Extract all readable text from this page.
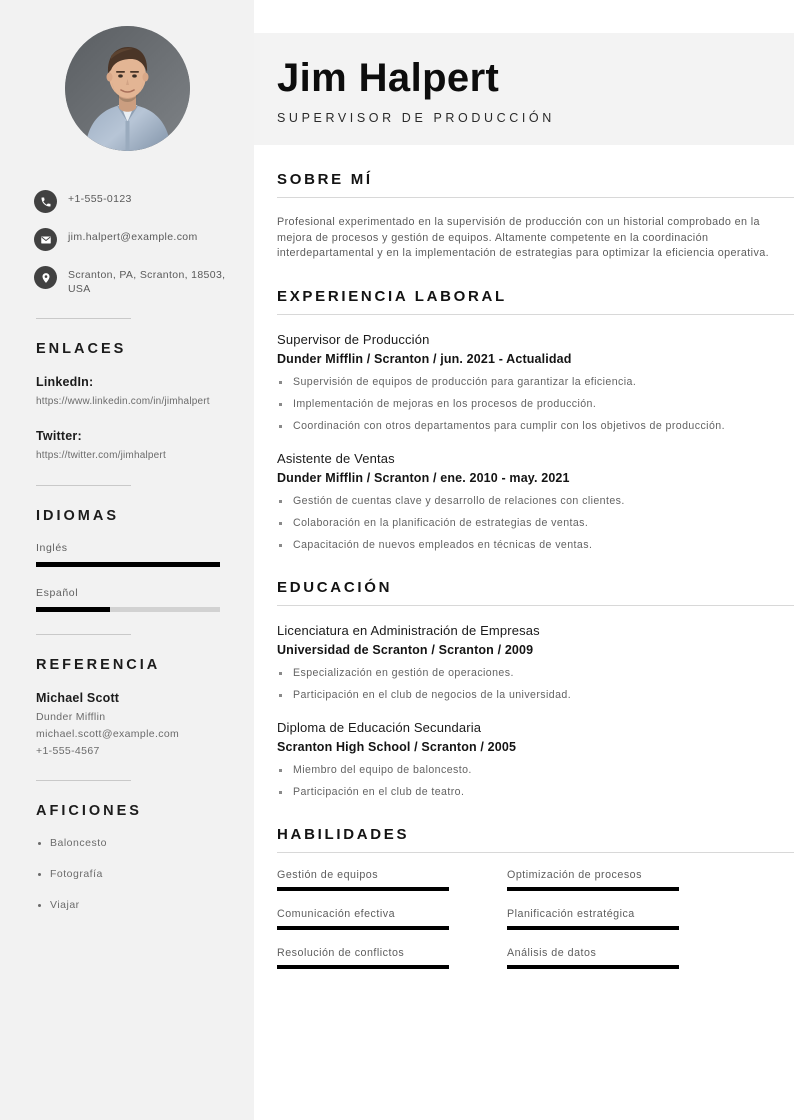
+1-555-0123
jim.halpert@example.com
Scranton, PA, Scranton, 18503, USA
ENLACES
LinkedIn:
https://www.linkedin.com/in/jimhalpert
Twitter:
https://twitter.com/jimhalpert
IDIOMAS
Inglés
Español
REFERENCIA
Michael Scott
Dunder Mifflin
michael.scott@example.com
+1-555-4567
AFICIONES
Baloncesto
Fotografía
Viajar
Jim Halpert
SUPERVISOR DE PRODUCCIÓN
SOBRE MÍ

Profesional experimentado en la supervisión de producción con un historial comprobado en la mejora de procesos y gestión de equipos. Altamente competente en la coordinación interdepartamental y en la implementación de estrategias para optimizar la eficiencia operativa.

EXPERIENCIA LABORAL
Supervisor de Producción
Dunder Mifflin / Scranton / jun. 2021 - Actualidad
Supervisión de equipos de producción para garantizar la eficiencia.
Implementación de mejoras en los procesos de producción.
Coordinación con otros departamentos para cumplir con los objetivos de producción.
Asistente de Ventas
Dunder Mifflin / Scranton / ene. 2010 - may. 2021
Gestión de cuentas clave y desarrollo de relaciones con clientes.
Colaboración en la planificación de estrategias de ventas.
Capacitación de nuevos empleados en técnicas de ventas.
EDUCACIÓN
Licenciatura en Administración de Empresas
Universidad de Scranton / Scranton / 2009
Especialización en gestión de operaciones.
Participación en el club de negocios de la universidad.
Diploma de Educación Secundaria
Scranton High School / Scranton / 2005
Miembro del equipo de baloncesto.
Participación en el club de teatro.
HABILIDADES
Gestión de equipos	Optimización de procesos
Comunicación efectiva	Planificación estratégica
Resolución de conflictos	Análisis de datos
